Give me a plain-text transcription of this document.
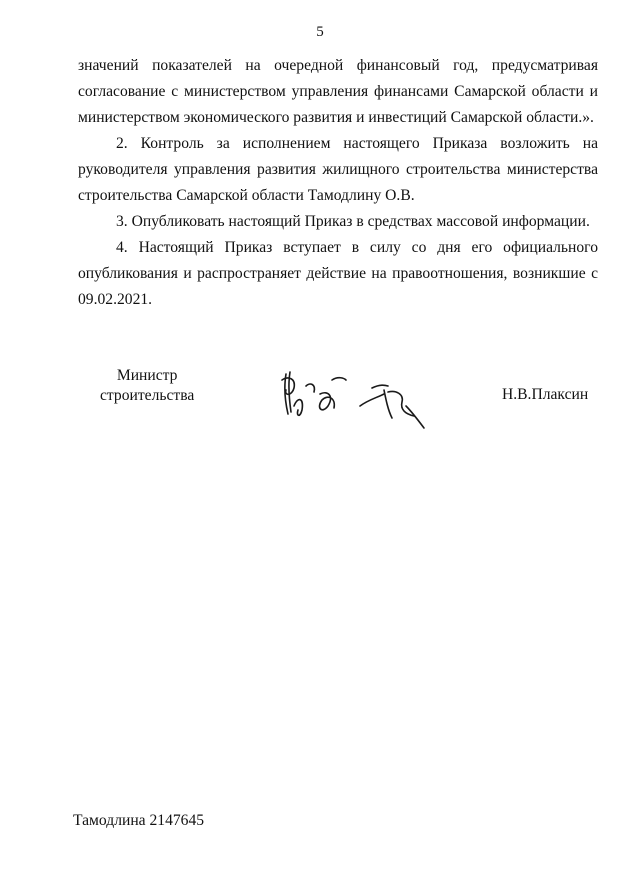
5

значений показателей на очередной финансовый год, предусматривая согласование с министерством управления финансами Самарской области и министерством экономического развития и инвестиций Самарской области.».

2. Контроль за исполнением настоящего Приказа возложить на руководителя управления развития жилищного строительства министерства строительства Самарской области Тамодлину О.В.

3. Опубликовать настоящий Приказ в средствах массовой информации.

4. Настоящий Приказ вступает в силу со дня его официального опубликования и распространяет действие на правоотношения, возникшие с 09.02.2021.

Министр
строительства	Н.В.Плаксин
Тамодлина 2147645
